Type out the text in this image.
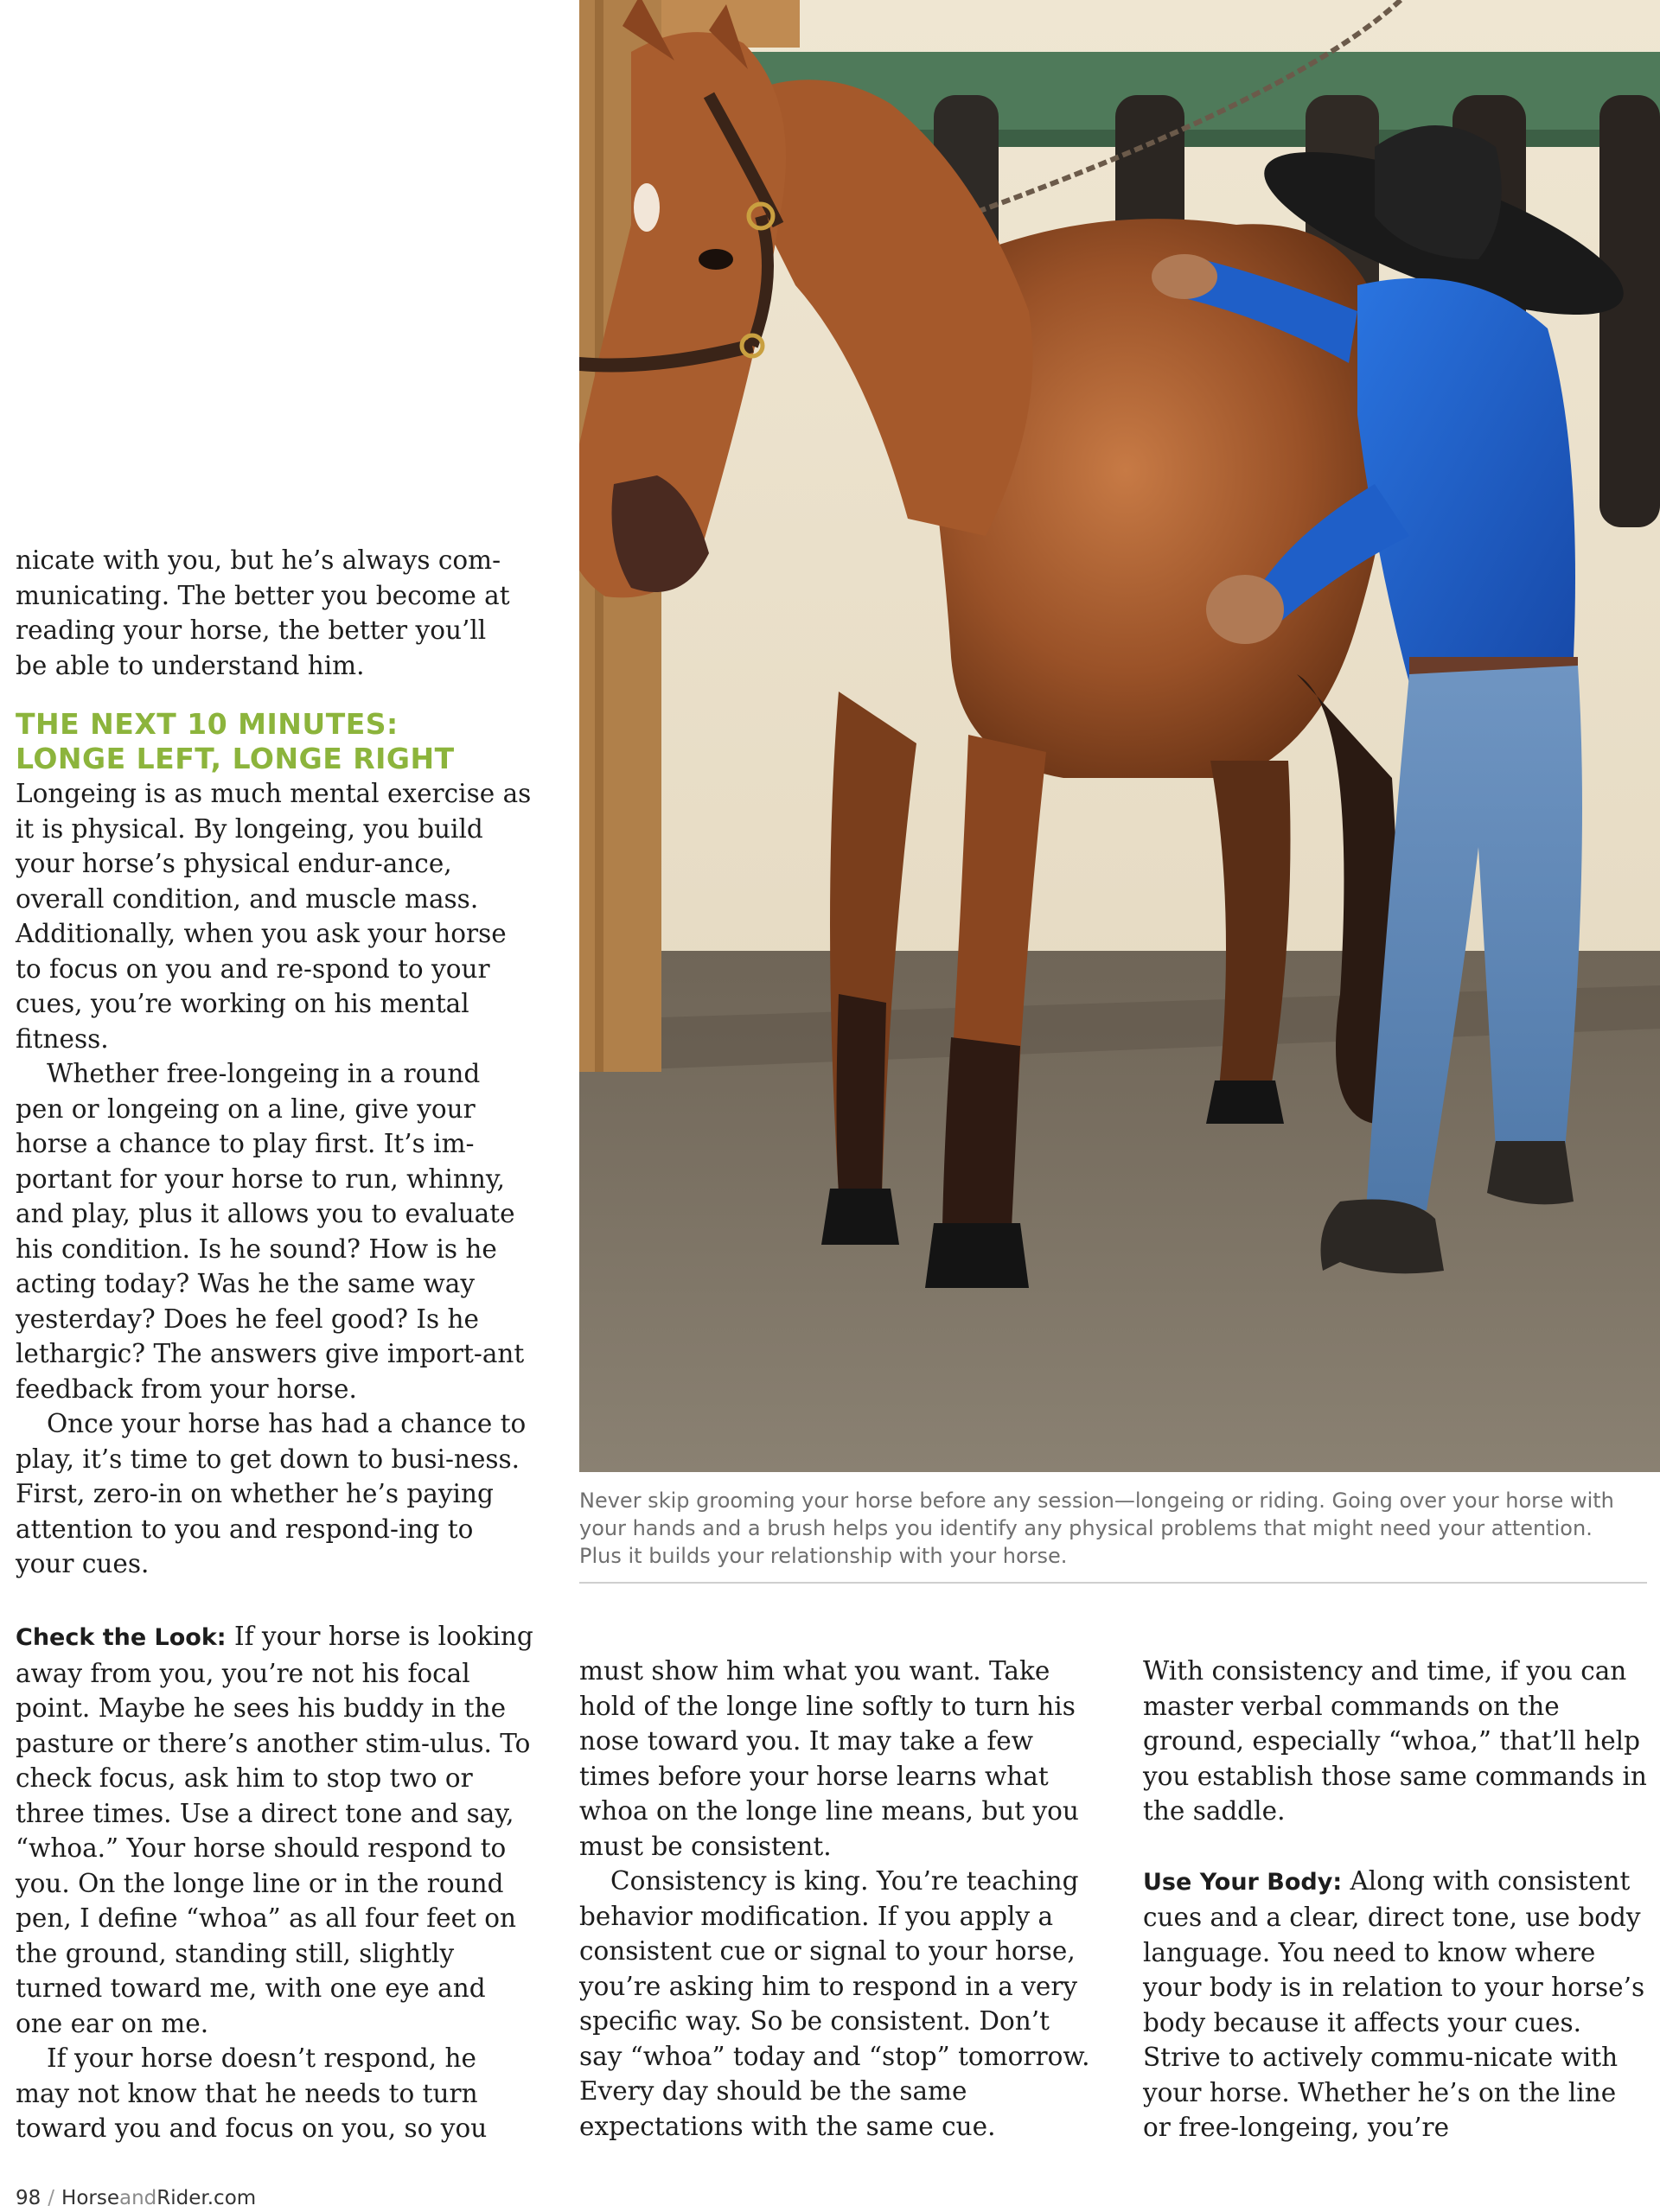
nicate with you, but he’s always com-

municating. The better you become at

reading your horse, the better you’ll

be able to understand him.

THE NEXT 10 MINUTES:
LONGE LEFT, LONGE RIGHT

Longeing is as much mental exercise as it is physical. By longeing, you build your horse’s physical endur-ance, overall condition, and muscle mass. Additionally, when you ask your horse to focus on you and re-spond to your cues, you’re working on his mental fitness.

Whether free-longeing in a round pen or longeing on a line, give your horse a chance to play first. It’s im-portant for your horse to run, whinny, and play, plus it allows you to evaluate his condition. Is he sound? How is he acting today? Was he the same way yesterday? Does he feel good? Is he lethargic? The answers give import-ant feedback from your horse.

Once your horse has had a chance to play, it’s time to get down to busi-ness. First, zero-in on whether he’s paying attention to you and respond-ing to your cues.

Check the Look: If your horse is looking away from you, you’re not his focal point. Maybe he sees his buddy in the pasture or there’s another stim-ulus. To check focus, ask him to stop two or three times. Use a direct tone and say, “whoa.” Your horse should respond to you. On the longe line or in the round pen, I define “whoa” as all four feet on the ground, standing still, slightly turned toward me, with one eye and one ear on me.

If your horse doesn’t respond, he may not know that he needs to turn toward you and focus on you, so you

must show him what you want. Take hold of the longe line softly to turn his nose toward you. It may take a few times before your horse learns what whoa on the longe line means, but you must be consistent.

Consistency is king. You’re teaching behavior modification. If you apply a consistent cue or signal to your horse, you’re asking him to respond in a very specific way. So be consistent. Don’t say “whoa” today and “stop” tomorrow. Every day should be the same expectations with the same cue.

With consistency and time, if you can master verbal commands on the ground, especially “whoa,” that’ll help you establish those same commands in the saddle.

Use Your Body: Along with consistent cues and a clear, direct tone, use body language. You need to know where your body is in relation to your horse’s body because it affects your cues. Strive to actively commu-nicate with your horse. Whether he’s on the line or free-longeing, you’re

Never skip grooming your horse before any session—longeing or riding. Going over your horse with your hands and a brush helps you identify any physical problems that might need your attention. Plus it builds your relationship with your horse.
98 / HorseandRider.com
